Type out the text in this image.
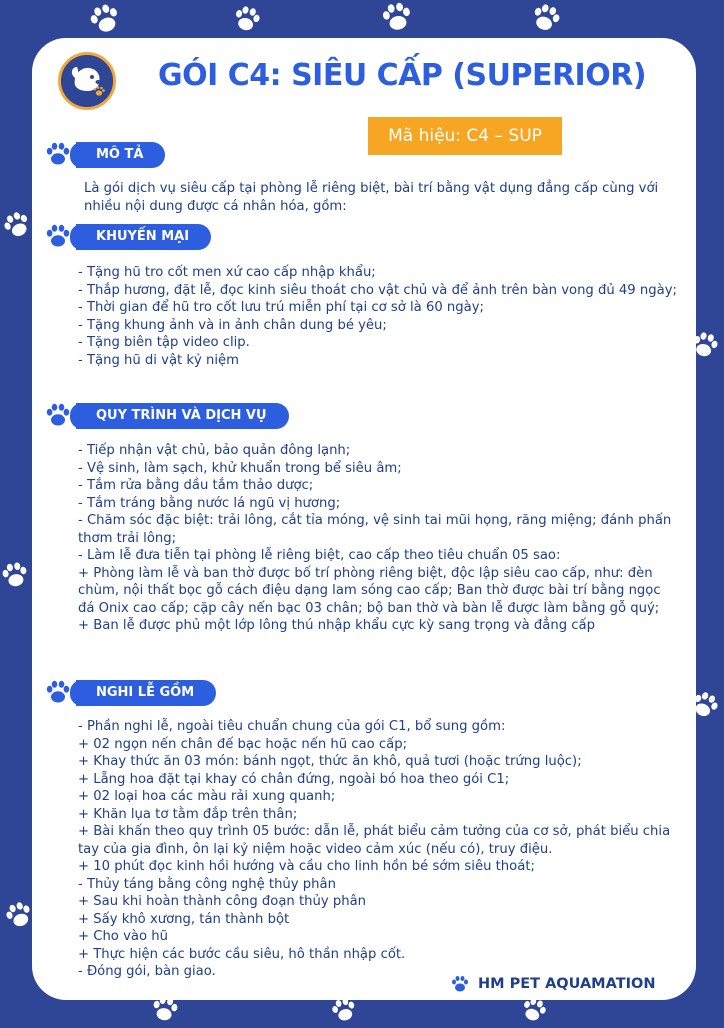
GÓI C4: SIÊU CẤP (SUPERIOR)
Mã hiệu: C4 – SUP
MÔ TẢ
Là gói dịch vụ siêu cấp tại phòng lễ riêng biệt, bài trí bằng vật dụng đẳng cấp cùng với nhiều nội dung được cá nhân hóa, gồm:
KHUYẾN MẠI
- Tặng hũ tro cốt men xứ cao cấp nhập khẩu;
- Thắp hương, đặt lễ, đọc kinh siêu thoát cho vật chủ và để ảnh trên bàn vong đủ 49 ngày;
- Thời gian để hũ tro cốt lưu trú miễn phí tại cơ sở là 60 ngày;
- Tặng khung ảnh và in ảnh chân dung bé yêu;
- Tặng biên tập video clip.
- Tặng hũ di vật kỷ niệm
QUY TRÌNH VÀ DỊCH VỤ
- Tiếp nhận vật chủ, bảo quản đông lạnh;
- Vệ sinh, làm sạch, khử khuẩn trong bể siêu âm;
- Tắm rửa bằng dầu tắm thảo dược;
- Tắm tráng bằng nước lá ngũ vị hương;
- Chăm sóc đặc biệt: trải lông, cắt tỉa móng, vệ sinh tai mũi họng, răng miệng; đánh phấn thơm trải lông;
- Làm lễ đưa tiễn tại phòng lễ riêng biệt, cao cấp theo tiêu chuẩn 05 sao:
+ Phòng làm lễ và ban thờ được bố trí phòng riêng biệt, độc lập siêu cao cấp, như: đèn chùm, nội thất bọc gỗ cách điệu dạng lam sóng cao cấp; Ban thờ được bài trí bằng ngọc đá Onix cao cấp; cặp cây nến bạc 03 chân; bộ ban thờ và bàn lễ được làm bằng gỗ quý;
+ Ban lễ được phủ một lớp lông thú nhập khẩu cực kỳ sang trọng và đẳng cấp
NGHI LỄ GỒM
- Phần nghi lễ, ngoài tiêu chuẩn chung của gói C1, bổ sung gồm:
+ 02 ngọn nến chân đế bạc hoặc nến hũ cao cấp;
+ Khay thức ăn 03 món: bánh ngọt, thức ăn khô, quả tươi (hoặc trứng luộc);
+ Lẵng hoa đặt tại khay có chân đứng, ngoài bó hoa theo gói C1;
+ 02 loại hoa các màu rải xung quanh;
+ Khăn lụa tơ tằm đắp trên thân;
+ Bài khấn theo quy trình 05 bước: dẫn lễ, phát biểu cảm tưởng của cơ sở, phát biểu chia tay của gia đình, ôn lại kỷ niệm hoặc video cảm xúc (nếu có), truy điệu.
+ 10 phút đọc kinh hồi hướng và cầu cho linh hồn bé sớm siêu thoát;
- Thủy táng bằng công nghệ thủy phân
+ Sau khi hoàn thành công đoạn thủy phân
+ Sấy khô xương, tán thành bột
+ Cho vào hũ
+ Thực hiện các bước cầu siêu, hô thần nhập cốt.
- Đóng gói, bàn giao.
HM PET AQUAMATION
